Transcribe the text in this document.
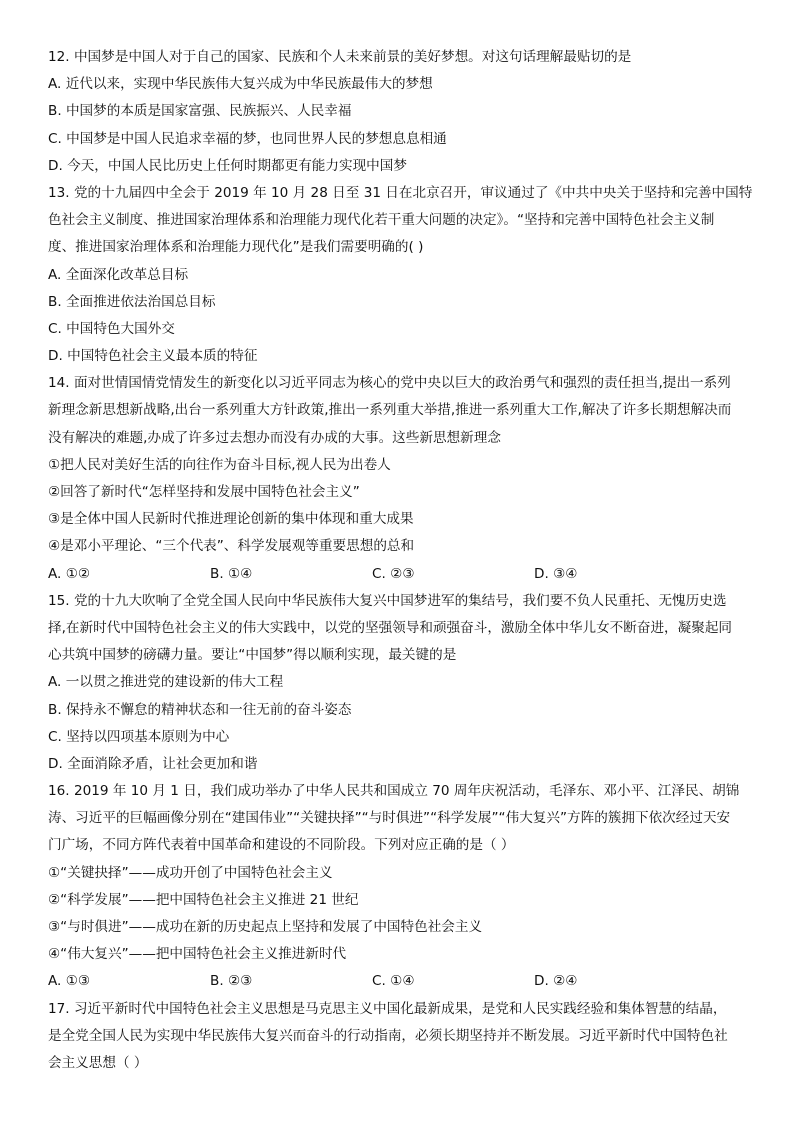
12. 中国梦是中国人对于自己的国家、民族和个人未来前景的美好梦想。对这句话理解最贴切的是
A. 近代以来，实现中华民族伟大复兴成为中华民族最伟大的梦想
B. 中国梦的本质是国家富强、民族振兴、人民幸福
C. 中国梦是中国人民追求幸福的梦，也同世界人民的梦想息息相通
D. 今天，中国人民比历史上任何时期都更有能力实现中国梦
13. 党的十九届四中全会于 2019 年 10 月 28 日至 31 日在北京召开，审议通过了《中共中央关于坚持和完善中国特
色社会主义制度、推进国家治理体系和治理能力现代化若干重大问题的决定》。“坚持和完善中国特色社会主义制
度、推进国家治理体系和治理能力现代化”是我们需要明确的( )
A. 全面深化改革总目标
B. 全面推进依法治国总目标
C. 中国特色大国外交
D. 中国特色社会主义最本质的特征
14. 面对世情国情党情发生的新变化以习近平同志为核心的党中央以巨大的政治勇气和强烈的责任担当,提出一系列
新理念新思想新战略,出台一系列重大方针政策,推出一系列重大举措,推进一系列重大工作,解决了许多长期想解决而
没有解决的难题,办成了许多过去想办而没有办成的大事。这些新思想新理念
①把人民对美好生活的向往作为奋斗目标,视人民为出卷人
②回答了新时代“怎样坚持和发展中国特色社会主义”
③是全体中国人民新时代推进理论创新的集中体现和重大成果
④是邓小平理论、“三个代表”、科学发展观等重要思想的总和
A. ①②	B. ①④	C. ②③	D. ③④
15. 党的十九大吹响了全党全国人民向中华民族伟大复兴中国梦进军的集结号，我们要不负人民重托、无愧历史选
择,在新时代中国特色社会主义的伟大实践中，以党的坚强领导和顽强奋斗，激励全体中华儿女不断奋进，凝聚起同
心共筑中国梦的磅礴力量。要让“中国梦”得以顺利实现，最关键的是
A. 一以贯之推进党的建设新的伟大工程
B. 保持永不懈怠的精神状态和一往无前的奋斗姿态
C. 坚持以四项基本原则为中心
D. 全面消除矛盾，让社会更加和谐
16. 2019 年 10 月 1 日，我们成功举办了中华人民共和国成立 70 周年庆祝活动，毛泽东、邓小平、江泽民、胡锦
涛、习近平的巨幅画像分别在“建国伟业”“关键抉择”“与时俱进”“科学发展”“伟大复兴”方阵的簇拥下依次经过天安
门广场，不同方阵代表着中国革命和建设的不同阶段。下列对应正确的是（ ）
①“关键抉择”——成功开创了中国特色社会主义
②“科学发展”——把中国特色社会主义推进 21 世纪
③“与时俱进”——成功在新的历史起点上坚持和发展了中国特色社会主义
④“伟大复兴”——把中国特色社会主义推进新时代
A. ①③	B. ②③	C. ①④	D. ②④
17. 习近平新时代中国特色社会主义思想是马克思主义中国化最新成果，是党和人民实践经验和集体智慧的结晶，
是全党全国人民为实现中华民族伟大复兴而奋斗的行动指南，必须长期坚持并不断发展。习近平新时代中国特色社
会主义思想（ ）
